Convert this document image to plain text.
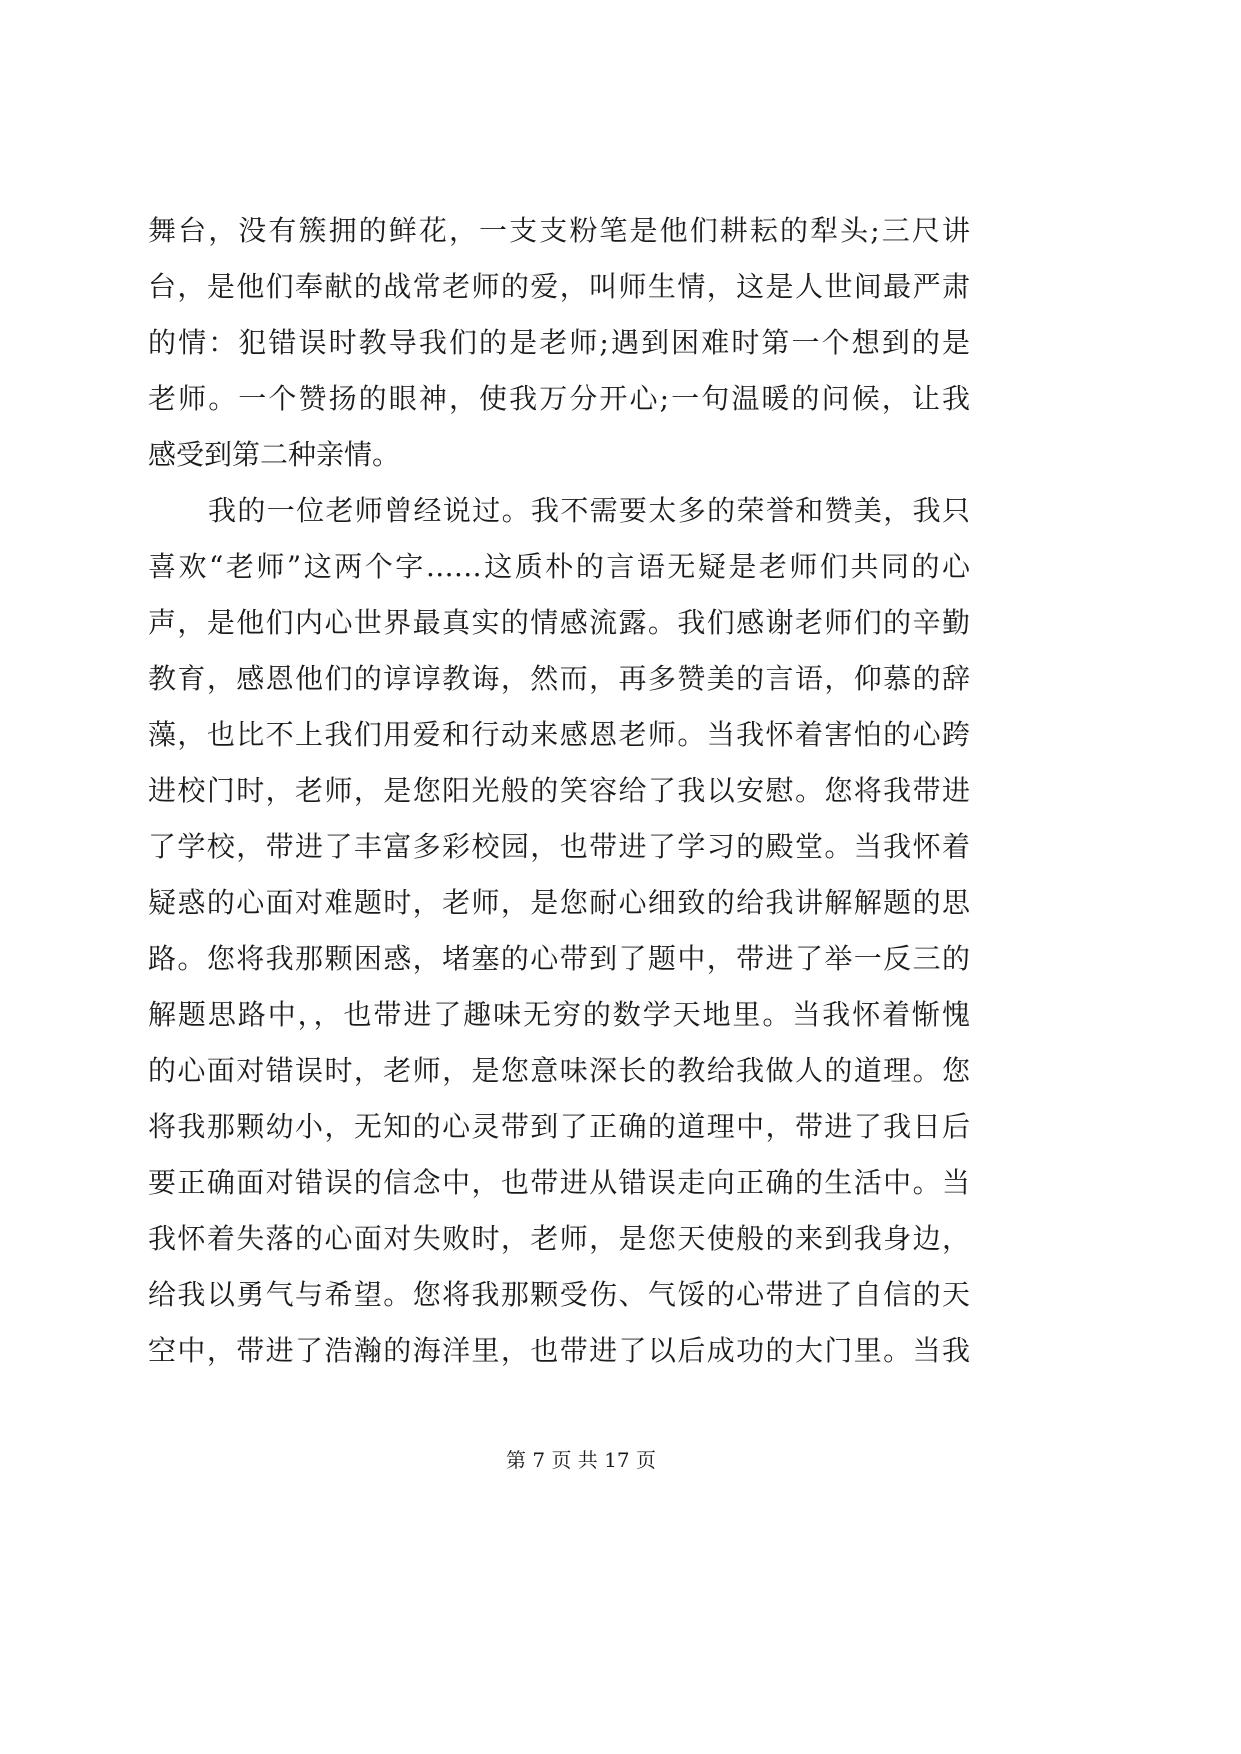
舞台，没有簇拥的鲜花，一支支粉笔是他们耕耘的犁头;三尺讲
台，是他们奉献的战常老师的爱，叫师生情，这是人世间最严肃
的情：犯错误时教导我们的是老师;遇到困难时第一个想到的是
老师。一个赞扬的眼神，使我万分开心;一句温暖的问候，让我
感受到第二种亲情。
我的一位老师曾经说过。我不需要太多的荣誉和赞美，我只
喜欢“老师”这两个字……这质朴的言语无疑是老师们共同的心
声，是他们内心世界最真实的情感流露。我们感谢老师们的辛勤
教育，感恩他们的谆谆教诲，然而，再多赞美的言语，仰慕的辞
藻，也比不上我们用爱和行动来感恩老师。当我怀着害怕的心跨
进校门时，老师，是您阳光般的笑容给了我以安慰。您将我带进
了学校，带进了丰富多彩校园，也带进了学习的殿堂。当我怀着
疑惑的心面对难题时，老师，是您耐心细致的给我讲解解题的思
路。您将我那颗困惑，堵塞的心带到了题中，带进了举一反三的
解题思路中，，也带进了趣味无穷的数学天地里。当我怀着惭愧
的心面对错误时，老师，是您意味深长的教给我做人的道理。您
将我那颗幼小，无知的心灵带到了正确的道理中，带进了我日后
要正确面对错误的信念中，也带进从错误走向正确的生活中。当
我怀着失落的心面对失败时，老师，是您天使般的来到我身边，
给我以勇气与希望。您将我那颗受伤、气馁的心带进了自信的天
空中，带进了浩瀚的海洋里，也带进了以后成功的大门里。当我
第 7 页 共 17 页
